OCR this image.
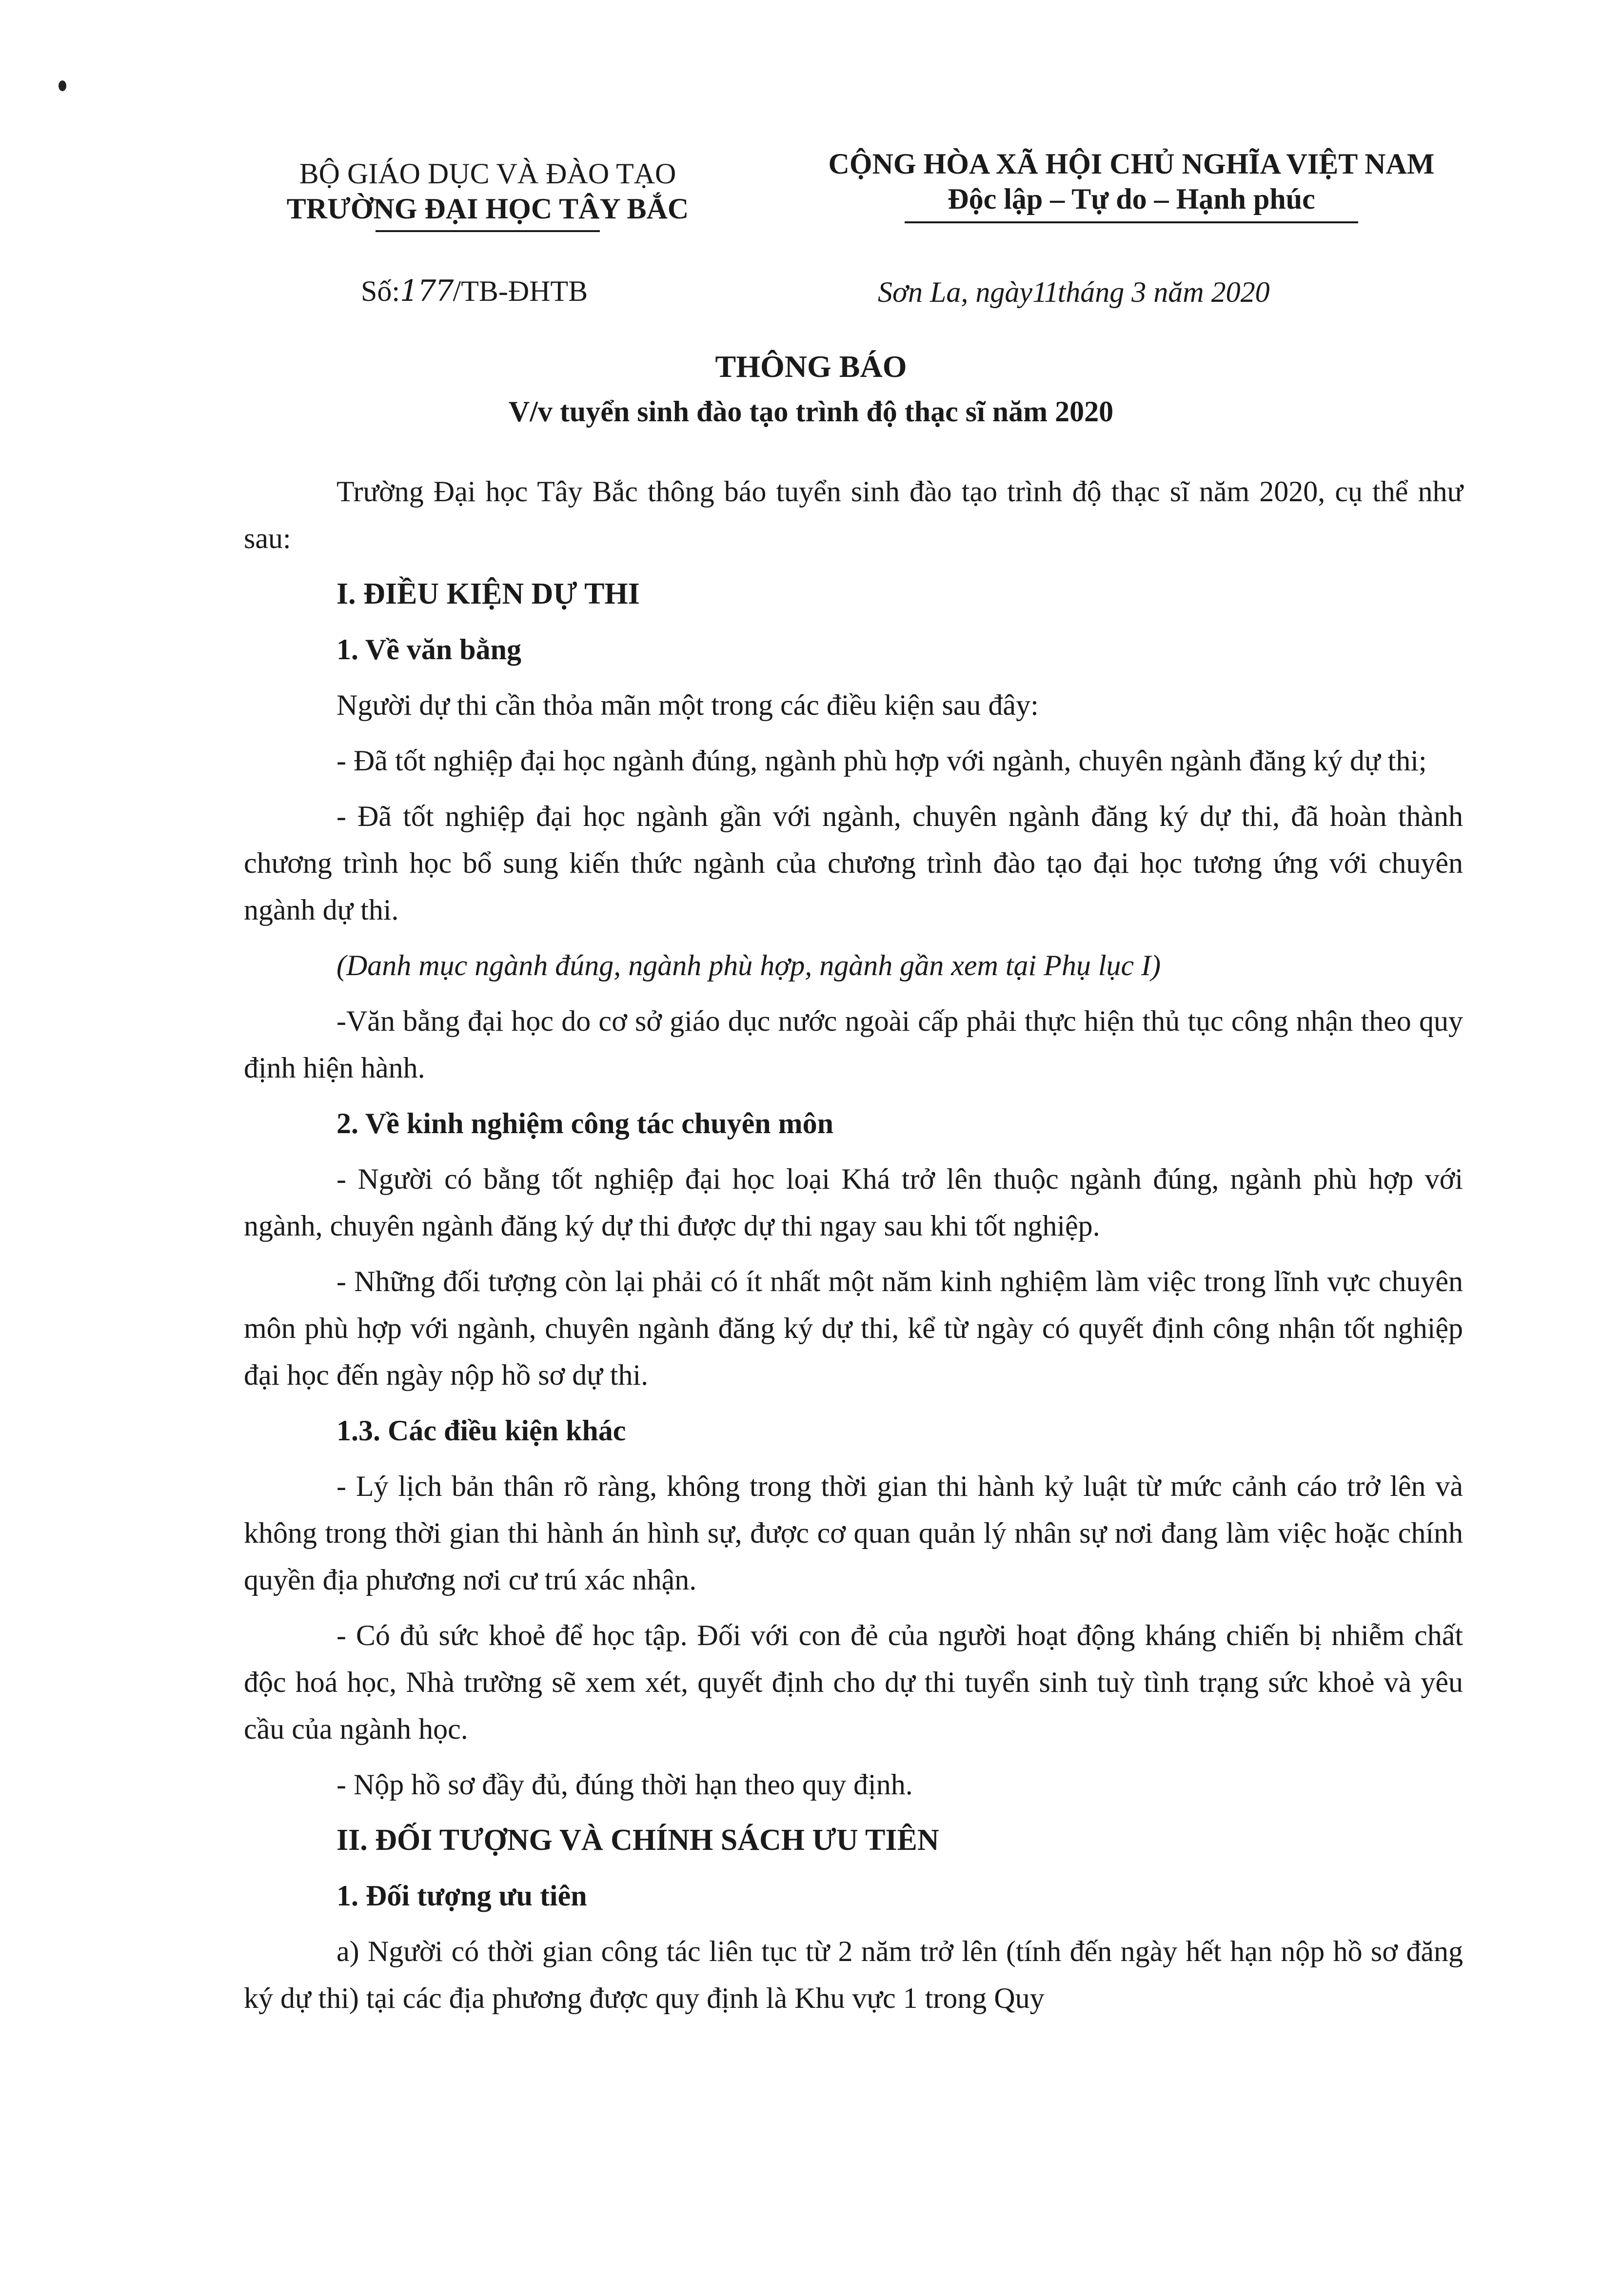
BỘ GIÁO DỤC VÀ ĐÀO TẠO
TRƯỜNG ĐẠI HỌC TÂY BẮC
CỘNG HÒA XÃ HỘI CHỦ NGHĨA VIỆT NAM
Độc lập – Tự do – Hạnh phúc
Số:177/TB-ĐHTB	Sơn La, ngày11tháng 3 năm 2020
THÔNG BÁO
V/v tuyển sinh đào tạo trình độ thạc sĩ năm 2020

Trường Đại học Tây Bắc thông báo tuyển sinh đào tạo trình độ thạc sĩ năm 2020, cụ thể như sau:

I. ĐIỀU KIỆN DỰ THI
1. Về văn bằng

Người dự thi cần thỏa mãn một trong các điều kiện sau đây:

- Đã tốt nghiệp đại học ngành đúng, ngành phù hợp với ngành, chuyên ngành đăng ký dự thi;

- Đã tốt nghiệp đại học ngành gần với ngành, chuyên ngành đăng ký dự thi, đã hoàn thành chương trình học bổ sung kiến thức ngành của chương trình đào tạo đại học tương ứng với chuyên ngành dự thi.

(Danh mục ngành đúng, ngành phù hợp, ngành gần xem tại Phụ lục I)

-Văn bằng đại học do cơ sở giáo dục nước ngoài cấp phải thực hiện thủ tục công nhận theo quy định hiện hành.

2. Về kinh nghiệm công tác chuyên môn

- Người có bằng tốt nghiệp đại học loại Khá trở lên thuộc ngành đúng, ngành phù hợp với ngành, chuyên ngành đăng ký dự thi được dự thi ngay sau khi tốt nghiệp.

- Những đối tượng còn lại phải có ít nhất một năm kinh nghiệm làm việc trong lĩnh vực chuyên môn phù hợp với ngành, chuyên ngành đăng ký dự thi, kể từ ngày có quyết định công nhận tốt nghiệp đại học đến ngày nộp hồ sơ dự thi.

1.3. Các điều kiện khác

- Lý lịch bản thân rõ ràng, không trong thời gian thi hành kỷ luật từ mức cảnh cáo trở lên và không trong thời gian thi hành án hình sự, được cơ quan quản lý nhân sự nơi đang làm việc hoặc chính quyền địa phương nơi cư trú xác nhận.

- Có đủ sức khoẻ để học tập. Đối với con đẻ của người hoạt động kháng chiến bị nhiễm chất độc hoá học, Nhà trường sẽ xem xét, quyết định cho dự thi tuyển sinh tuỳ tình trạng sức khoẻ và yêu cầu của ngành học.

- Nộp hồ sơ đầy đủ, đúng thời hạn theo quy định.

II. ĐỐI TƯỢNG VÀ CHÍNH SÁCH ƯU TIÊN
1. Đối tượng ưu tiên

a) Người có thời gian công tác liên tục từ 2 năm trở lên (tính đến ngày hết hạn nộp hồ sơ đăng ký dự thi) tại các địa phương được quy định là Khu vực 1 trong Quy
